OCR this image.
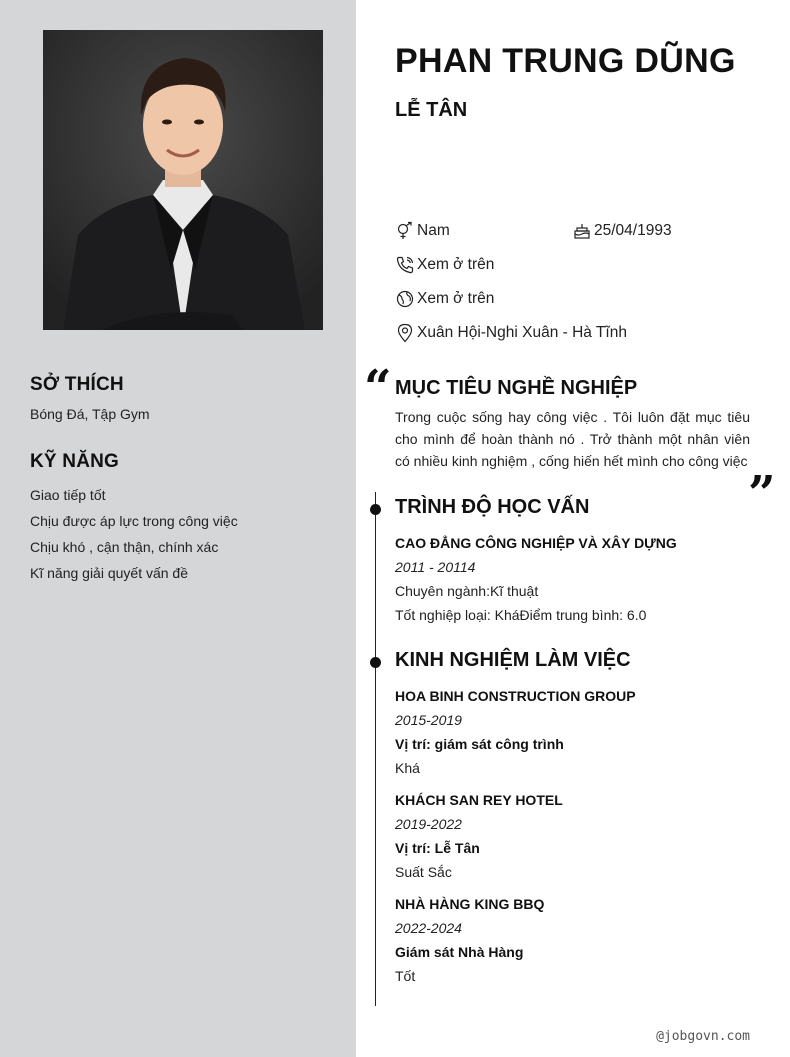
SỞ THÍCH
Bóng Đá, Tập Gym
KỸ NĂNG
Giao tiếp tốt
Chịu được áp lực trong công việc
Chịu khó , cận thận, chính xác
Kĩ năng giải quyết vấn đề
PHAN TRUNG DŨNG
LỄ TÂN
Nam	25/04/1993
Xem ở trên
Xem ở trên
Xuân Hội-Nghi Xuân - Hà Tĩnh
“ MỤC TIÊU NGHỀ NGHIỆP
Trong cuộc sống hay công việc . Tôi luôn đặt mục tiêu
cho mình để hoàn thành nó . Trở thành một nhân viên
có nhiều kinh nghiệm , cống hiến hết mình cho công việc
”
TRÌNH ĐỘ HỌC VẤN
CAO ĐẲNG CÔNG NGHIỆP VÀ XÂY DỰNG
2011 - 20114
Chuyên ngành:Kĩ thuật
Tốt nghiệp loại: KháĐiểm trung bình: 6.0
KINH NGHIỆM LÀM VIỆC
HOA BINH CONSTRUCTION GROUP
2015-2019
Vị trí: giám sát công trình
Khá
KHÁCH SAN REY HOTEL
2019-2022
Vị trí: Lễ Tân
Suất Sắc
NHÀ HÀNG KING BBQ
2022-2024
Giám sát Nhà Hàng
Tốt
@jobgovn.com
